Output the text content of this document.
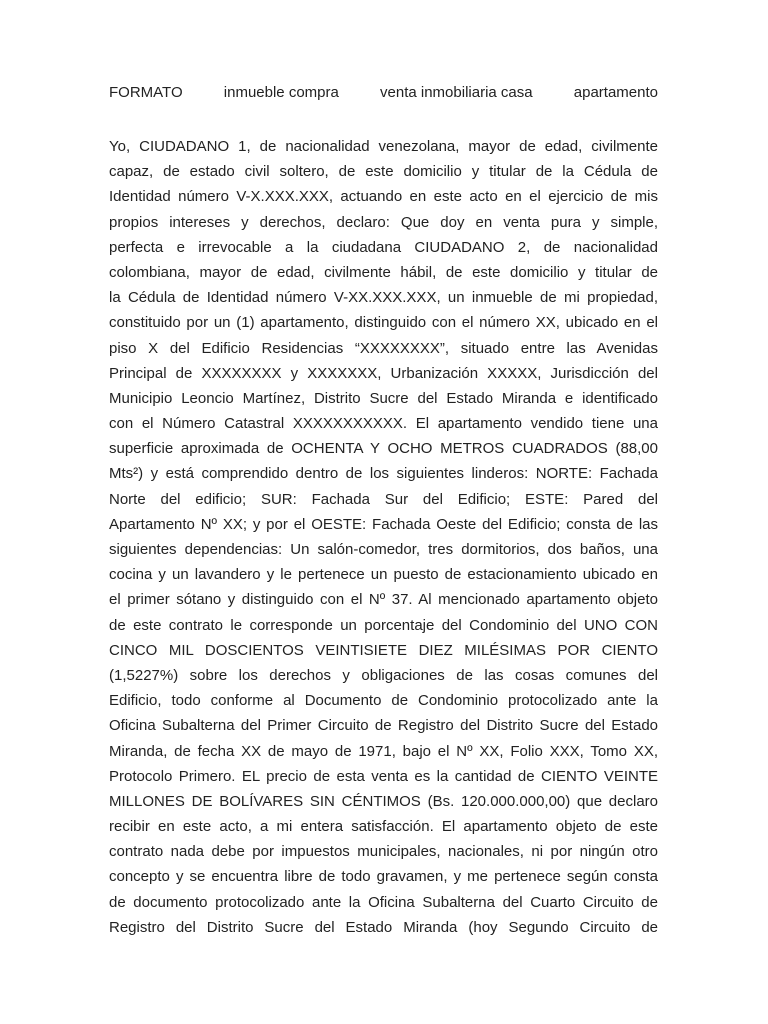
FORMATO	inmueble compra	venta inmobiliaria casa	apartamento
Yo, CIUDADANO 1, de nacionalidad venezolana, mayor de edad, civilmente
capaz, de estado civil soltero, de este domicilio y titular de la Cédula de
Identidad número V-X.XXX.XXX, actuando en este acto en el ejercicio de mis
propios intereses y derechos, declaro: Que doy en venta pura y simple,
perfecta e irrevocable a la ciudadana CIUDADANO 2, de nacionalidad
colombiana, mayor de edad, civilmente hábil, de este domicilio y titular de
la Cédula de Identidad número V-XX.XXX.XXX, un inmueble de mi propiedad,
constituido por un (1) apartamento, distinguido con el número XX, ubicado en el
piso X del Edificio Residencias “XXXXXXXX”, situado entre las Avenidas
Principal de XXXXXXXX y XXXXXXX, Urbanización XXXXX, Jurisdicción del
Municipio Leoncio Martínez, Distrito Sucre del Estado Miranda e identificado
con el Número Catastral XXXXXXXXXXX. El apartamento vendido tiene una
superficie aproximada de OCHENTA Y OCHO METROS CUADRADOS (88,00
Mts²) y está comprendido dentro de los siguientes linderos: NORTE: Fachada
Norte del edificio; SUR: Fachada Sur del Edificio; ESTE: Pared del
Apartamento Nº XX; y por el OESTE: Fachada Oeste del Edificio; consta de las
siguientes dependencias: Un salón-comedor, tres dormitorios, dos baños, una
cocina y un lavandero y le pertenece un puesto de estacionamiento ubicado en
el primer sótano y distinguido con el Nº 37. Al mencionado apartamento objeto
de este contrato le corresponde un porcentaje del Condominio del UNO CON
CINCO MIL DOSCIENTOS VEINTISIETE DIEZ MILÉSIMAS POR CIENTO
(1,5227%) sobre los derechos y obligaciones de las cosas comunes del
Edificio, todo conforme al Documento de Condominio protocolizado ante la
Oficina Subalterna del Primer Circuito de Registro del Distrito Sucre del Estado
Miranda, de fecha XX de mayo de 1971, bajo el Nº XX, Folio XXX, Tomo XX,
Protocolo Primero. EL precio de esta venta es la cantidad de CIENTO VEINTE
MILLONES DE BOLÍVARES SIN CÉNTIMOS (Bs. 120.000.000,00) que declaro
recibir en este acto, a mi entera satisfacción. El apartamento objeto de este
contrato nada debe por impuestos municipales, nacionales, ni por ningún otro
concepto y se encuentra libre de todo gravamen, y me pertenece según consta
de documento protocolizado ante la Oficina Subalterna del Cuarto Circuito de
Registro del Distrito Sucre del Estado Miranda (hoy Segundo Circuito de
